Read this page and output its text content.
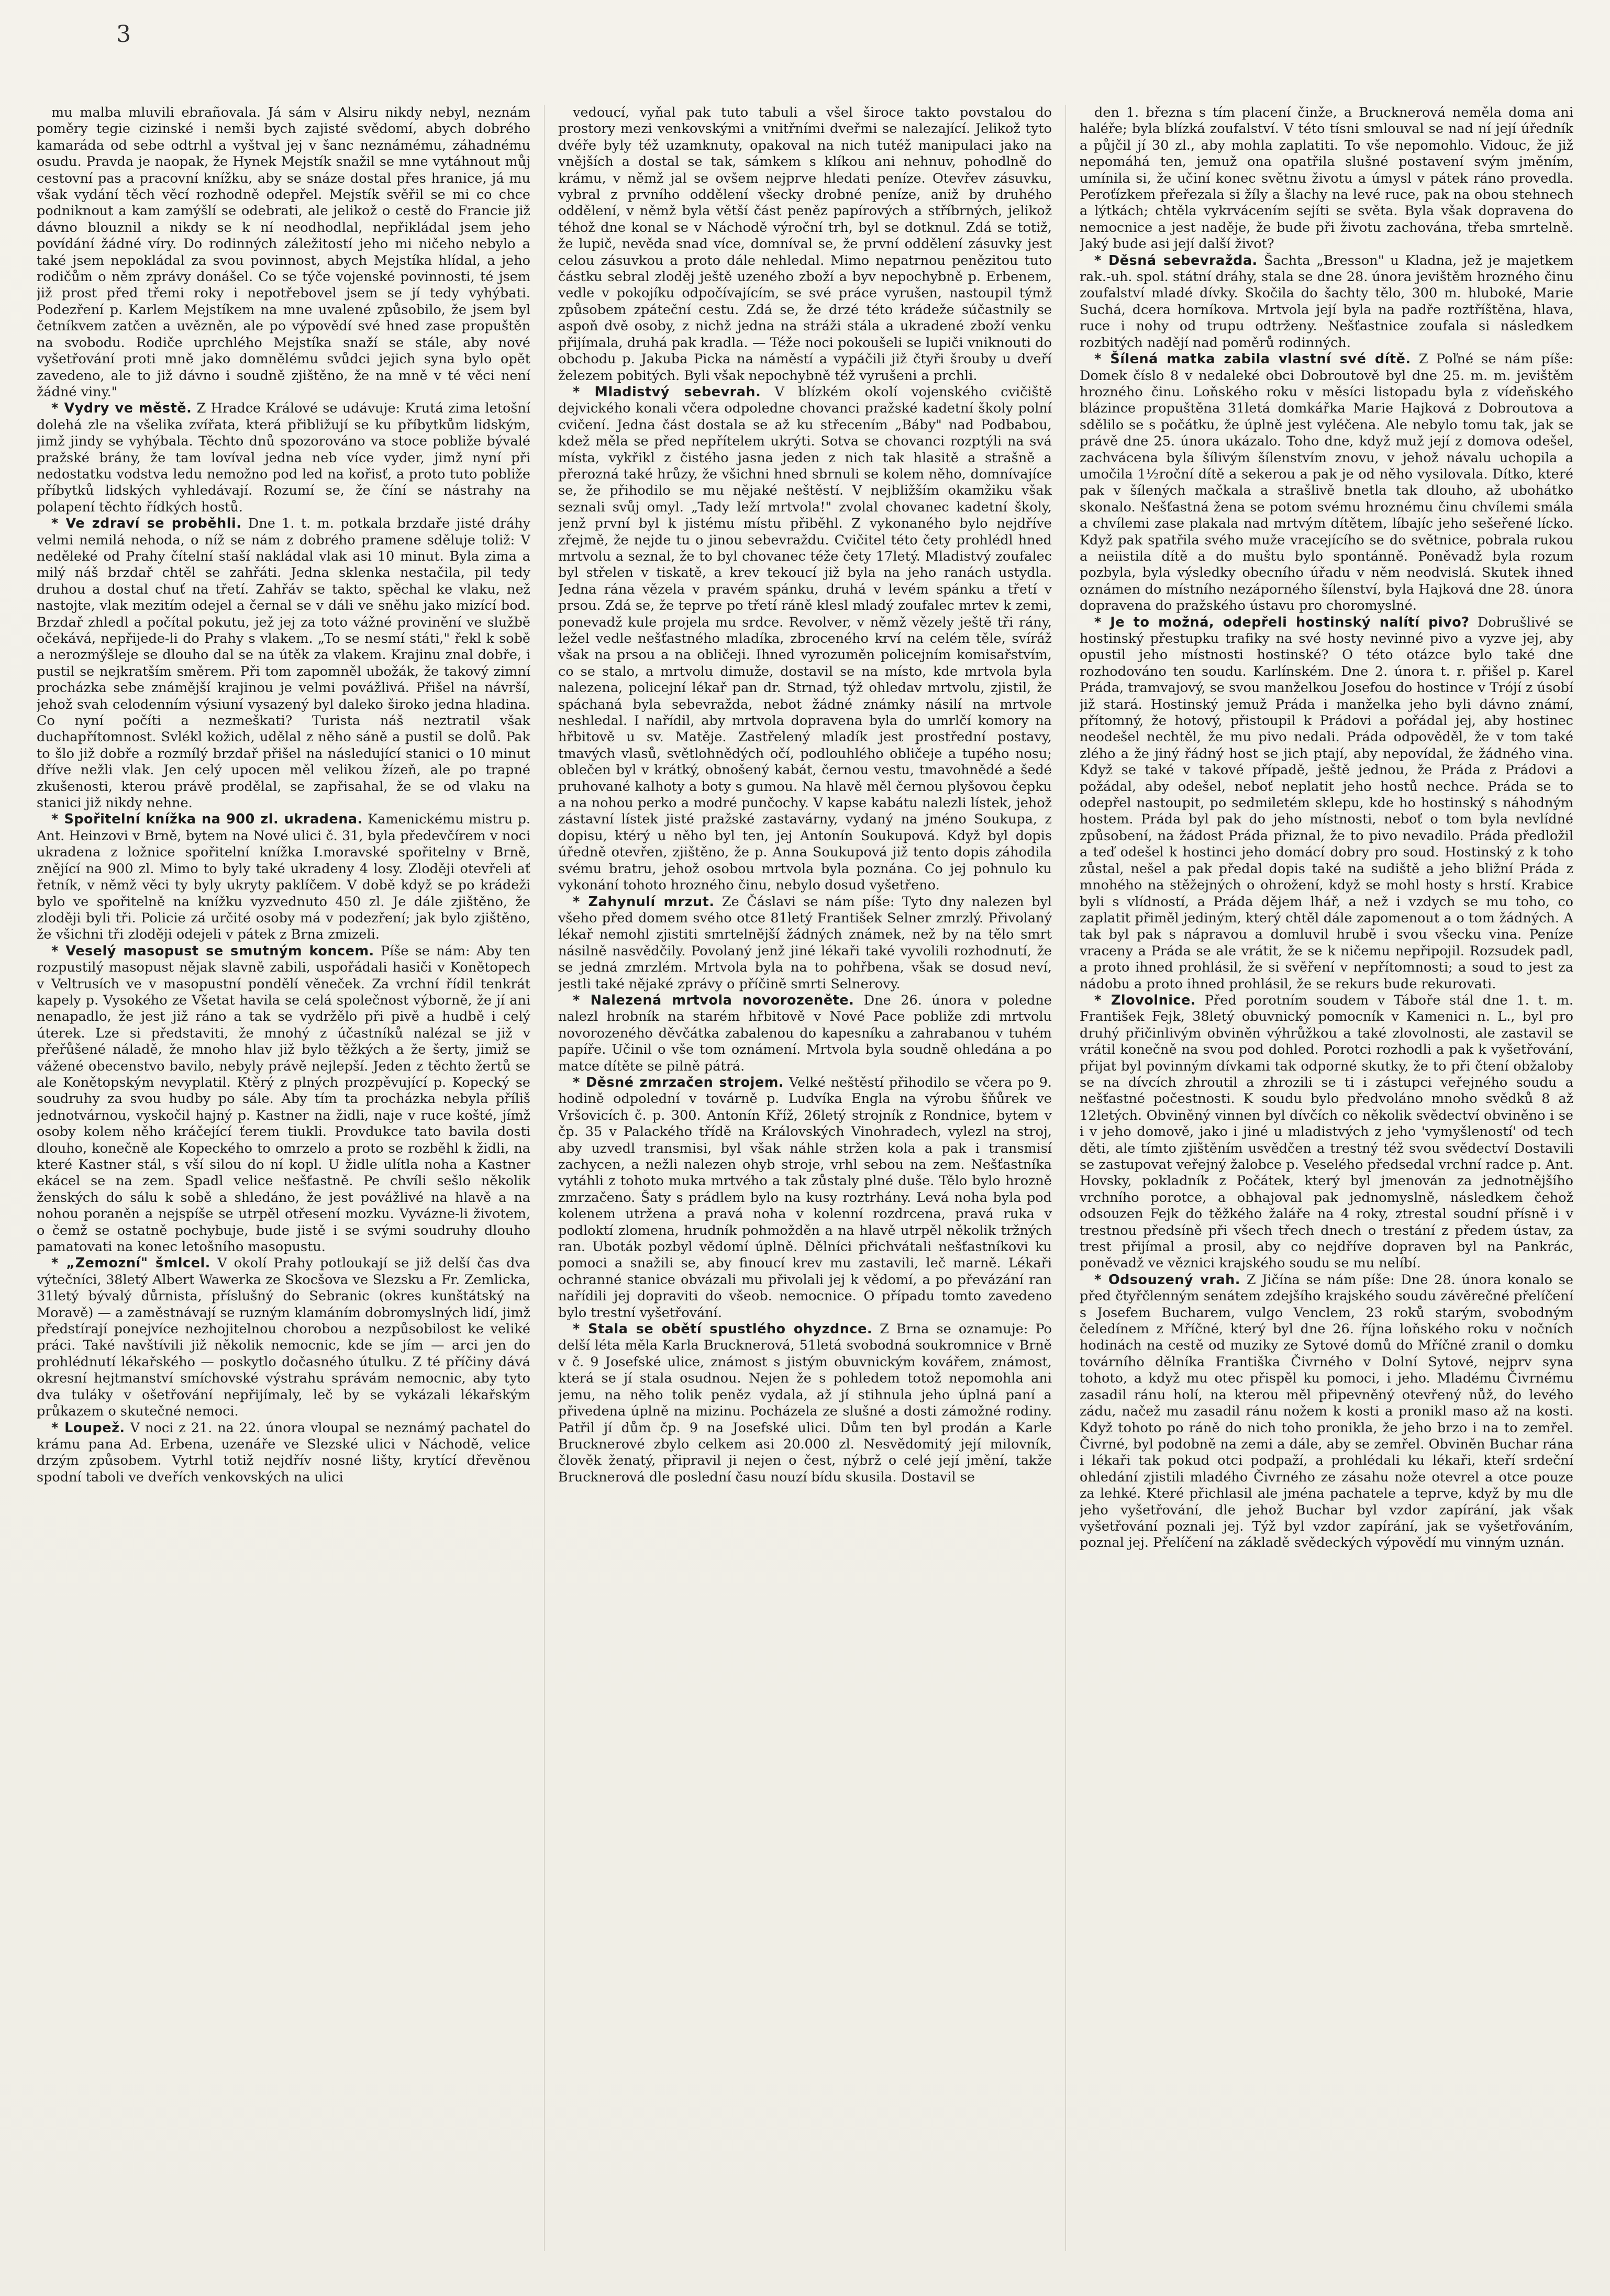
3

mu malba mluvili ebrañovala. Já sám v Alsiru nikdy nebyl, neznám poměry tegie cizinské i nemši bych zajisté svědomí, abych dobrého kamaráda od sebe odtrhl a vyštval jej v šanc neznámému, záhadnému osudu. Pravda je naopak, že Hynek Mejstík snažil se mne vytáhnout můj cestovní pas a pracovní knížku, aby se snáze dostal přes hranice, já mu však vydání těch věcí rozhodně odepřel. Mejstík svěřil se mi co chce podniknout a kam zamýšlí se odebrati, ale jelikož o cestě do Francie již dávno blouznil a nikdy se k ní neodhodlal, nepřikládal jsem jeho povídání žádné víry. Do rodinných záležitostí jeho mi ničeho nebylo a také jsem nepokládal za svou povinnost, abych Mejstíka hlídal, a jeho rodičům o něm zprávy donášel. Co se týče vojenské povinnosti, té jsem již prost před třemi roky i nepotřebovel jsem se jí tedy vyhýbati. Podezření p. Karlem Mejstíkem na mne uvalené způsobilo, že jsem byl četníkvem zatčen a uvězněn, ale po výpovědí své hned zase propuštěn na svobodu. Rodiče uprchlého Mejstíka snaží se stále, aby nové vyšetřování proti mně jako domnělému svůdci jejich syna bylo opět zavedeno, ale to již dávno i soudně zjištěno, že na mně v té věci není žádné viny."

* Vydry ve městě. Z Hradce Králové se udávuje: Krutá zima letošní dolehá zle na všelika zvířata, která přibližují se ku příbytkům lidským, jimž jindy se vyhýbala. Těchto dnů spozorováno va stoce pobliže bývalé pražské brány, že tam lovíval jedna neb více vyder, jimž nyní při nedostatku vodstva ledu nemožno pod led na kořisť, a proto tuto pobliže příbytků lidských vyhledávají. Rozumí se, že číní se nástrahy na polapení těchto řídkých hostů.

* Ve zdraví se proběhli. Dne 1. t. m. potkala brzdaře jisté dráhy velmi nemilá nehoda, o níž se nám z dobrého pramene sděluje toliž: V neděleké od Prahy čítelní staší nakládal vlak asi 10 minut. Byla zima a milý náš brzdař chtěl se zahřáti. Jedna sklenka nestačila, pil tedy druhou a dostal chuť na třetí. Zahřáv se takto, spěchal ke vlaku, než nastojte, vlak mezitím odejel a černal se v dáli ve sněhu jako mizící bod. Brzdař zhledl a počítal pokutu, jež jej za toto vážné provinění ve službě očekává, nepřijede-li do Prahy s vlakem. „To se nesmí státi," řekl k sobě a nerozmýšleje se dlouho dal se na útěk za vlakem. Krajinu znal dobře, i pustil se nejkratším směrem. Při tom zapomněl ubožák, že takový zimní procházka sebe známější krajinou je velmi povážlivá. Přišel na návrší, jehož svah celodenním výsiuní vysazený byl daleko široko jedna hladina. Co nyní počíti a nezmeškati? Turista náš neztratil však duchapřítomnost. Svlékl kožich, udělal z něho sáně a pustil se dolů. Pak to šlo již dobře a rozmílý brzdař přišel na následující stanici o 10 minut dříve nežli vlak. Jen celý upocen měl velikou žízeň, ale po trapné zkušenosti, kterou právě prodělal, se zapřisahal, že se od vlaku na stanici již nikdy nehne.

* Spořitelní knížka na 900 zl. ukradena. Kamenickému mistru p. Ant. Heinzovi v Brně, bytem na Nové ulici č. 31, byla předevčírem v noci ukradena z ložnice spořitelní knížka I.moravské spořitelny v Brně, znějící na 900 zl. Mimo to byly také ukradeny 4 losy. Zloději otevřeli ať řetník, v němž věci ty byly ukryty paklíčem. V době když se po krádeži bylo ve spořitelně na knížku vyzvednuto 450 zl. Je dále zjištěno, že zloději byli tři. Policie zá určité osoby má v podezření; jak bylo zjištěno, že všichni tři zloději odejeli v pátek z Brna zmizeli.

* Veselý masopust se smutným koncem. Píše se nám: Aby ten rozpustilý masopust nějak slavně zabili, uspořádali hasiči v Konětopech v Veltrusích ve v masopustní pondělí věneček. Za vrchní řídil tenkrát kapely p. Vysokého ze Všetat havila se celá společnost výborně, že jí ani nenapadlo, že jest již ráno a tak se vydržělo při pivě a hudbě i celý úterek. Lze si představiti, že mnohý z účastníků nalézal se již v přeřůšené náladě, že mnoho hlav již bylo těžkých a že šerty, jimiž se vážené obecenstvo bavilo, nebyly právě nejlepší. Jeden z těchto žertů se ale Konětopským nevyplatil. Ktěrý z plných prozpěvující p. Kopecký se soudruhy za svou hudby po sále. Aby tím ta procházka nebyla příliš jednotvárnou, vyskočil hajný p. Kastner na židli, naje v ruce košté, jímž osoby kolem něho kráčející ťerem tiukli. Provdukce tato bavila dosti dlouho, konečně ale Kopeckého to omrzelo a proto se rozběhl k židli, na které Kastner stál, s vší silou do ní kopl. U židle ulítla noha a Kastner ekácel se na zem. Spadl velice nešťastně. Pe chvíli sešlo několik ženských do sálu k sobě a shledáno, že jest povážlivé na hlavě a na nohou poraněn a nejspíše se utrpěl otřesení mozku. Vyvázne-li životem, o čemž se ostatně pochybuje, bude jistě i se svými soudruhy dlouho pamatovati na konec letošního masopustu.

* „Zemozní" šmlcel. V okolí Prahy potloukají se již delší čas dva výtečníci, 38letý Albert Wawerka ze Skocšova ve Slezsku a Fr. Zemlicka, 31letý bývalý důrnista, příslušný do Sebranic (okres kunštátský na Moravě) — a zaměstnávají se ruzným klamáním dobromyslných lidí, jimž předstírají ponejvíce nezhojitelnou chorobou a nezpůsobilost ke veliké práci. Také navštívili již několik nemocnic, kde se jím — arci jen do prohlédnutí lékařského — poskytlo dočasného útulku. Z té příčiny dává okresní hejtmanství smíchovské výstrahu správám nemocnic, aby tyto dva tuláky v ošetřování nepřijímaly, leč by se vykázali lékařským průkazem o skutečné nemoci.

* Loupež. V noci z 21. na 22. února vloupal se neznámý pachatel do krámu pana Ad. Erbena, uzenáře ve Slezské ulici v Náchodě, velice drzým způsobem. Vytrhl totiž nejdřív nosné lišty, krytící dřevěnou spodní taboli ve dveřích venkovských na ulici

vedoucí, vyňal pak tuto tabuli a všel široce takto povstalou do prostory mezi venkovskými a vnitřními dveřmi se nalezající. Jelikož tyto dvéře byly též uzamknuty, opakoval na nich tutéž manipulaci jako na vnějších a dostal se tak, sámkem s klíkou ani nehnuv, pohodlně do krámu, v němž jal se ovšem nejprve hledati peníze. Otevřev zásuvku, vybral z prvního oddělení všecky drobné peníze, aniž by druhého oddělení, v němž byla větší část peněz papírových a stříbrných, jelikož téhož dne konal se v Náchodě výroční trh, byl se dotknul. Zdá se totiž, že lupič, nevěda snad více, domníval se, že první oddělení zásuvky jest celou zásuvkou a proto dále nehledal. Mimo nepatrnou penězitou tuto částku sebral zloděj ještě uzeného zboží a byv nepochybně p. Erbenem, vedle v pokojíku odpočívajícím, se své práce vyrušen, nastoupil týmž způsobem zpáteční cestu. Zdá se, že drzé této krádeže súčastnily se aspoň dvě osoby, z nichž jedna na stráži stála a ukradené zboží venku přijímala, druhá pak kradla. — Téže noci pokoušeli se lupiči vniknouti do obchodu p. Jakuba Picka na náměstí a vypáčili již čtyři šrouby u dveří železem pobitých. Byli však nepochybně též vyrušeni a prchli.

* Mladistvý sebevrah. V blízkém okolí vojenského cvičiště dejvického konali včera odpoledne chovanci pražské kadetní školy polní cvičení. Jedna část dostala se až ku střecením „Báby" nad Podbabou, kdež měla se před nepřítelem ukrýti. Sotva se chovanci rozptýli na svá místa, vykřikl z čistého jasna jeden z nich tak hlasitě a strašně a přerozná také hrůzy, že všichni hned sbrnuli se kolem něho, domnívajíce se, že přihodilo se mu nějaké neštěstí. V nejbližším okamžiku však seznali svůj omyl. „Tady leží mrtvola!" zvolal chovanec kadetní školy, jenž první byl k jistému místu přiběhl. Z vykonaného bylo nejdříve zřejmě, že nejde tu o jinou sebevraždu. Cvičitel této čety prohlédl hned mrtvolu a seznal, že to byl chovanec téže čety 17letý. Mladistvý zoufalec byl střelen v tiskatě, a krev tekoucí již byla na jeho ranách ustydla. Jedna rána vězela v pravém spánku, druhá v levém spánku a třetí v prsou. Zdá se, že teprve po třetí ráně klesl mladý zoufalec mrtev k zemi, ponevadž kule projela mu srdce. Revolver, v němž vězely ještě tři rány, ležel vedle nešťastného mladíka, zbroceného krví na celém těle, svíráž však na prsou a na obličeji. Ihned vyrozuměn policejním komisařstvím, co se stalo, a mrtvolu dimuže, dostavil se na místo, kde mrtvola byla nalezena, policejní lékař pan dr. Strnad, týž ohledav mrtvolu, zjistil, že spáchaná byla sebevražda, nebot žádné známky násilí na mrtvole neshledal. I nařídil, aby mrtvola dopravena byla do umrlčí komory na hřbitově u sv. Matěje. Zastřelený mladík jest prostřední postavy, tmavých vlasů, světlohnědých očí, podlouhlého obličeje a tupého nosu; oblečen byl v krátký, obnošený kabát, černou vestu, tmavohnědé a šedé pruhované kalhoty a boty s gumou. Na hlavě měl černou plyšovou čepku a na nohou perko a modré punčochy. V kapse kabátu nalezli lístek, jehož zástavní lístek jisté pražské zastavárny, vydaný na jméno Soukupa, z dopisu, ktérý u něho byl ten, jej Antonín Soukupová. Když byl dopis úředně otevřen, zjištěno, že p. Anna Soukupová již tento dopis záhodila svému bratru, jehož osobou mrtvola byla poznána. Co jej pohnulo ku vykonání tohoto hrozného činu, nebylo dosud vyšetřeno.

* Zahynulí mrzut. Ze Čáslavi se nám píše: Tyto dny nalezen byl všeho před domem svého otce 81letý František Selner zmrzlý. Přivolaný lékař nemohl zjistiti smrtelnější žádných známek, než by na tělo smrt násilně nasvědčily. Povolaný jenž jiné lékaři také vyvolili rozhodnutí, že se jedná zmrzlém. Mrtvola byla na to pohřbena, však se dosud neví, jestli také nějaké zprávy o příčině smrti Selnerovy.

* Nalezená mrtvola novorozeněte. Dne 26. února v poledne nalezl hrobník na starém hřbitově v Nové Pace pobliže zdi mrtvolu novorozeného děvčátka zabalenou do kapesníku a zahrabanou v tuhém papíře. Učinil o vše tom oznámení. Mrtvola byla soudně ohledána a po matce dítěte se pilně pátrá.

* Děsné zmrzačen strojem. Velké neštěstí přihodilo se včera po 9. hodině odpolední v továrně p. Ludvíka Engla na výrobu šňůrek ve Vršovicích č. p. 300. Antonín Kříž, 26letý strojník z Rondnice, bytem v čp. 35 v Palackého třídě na Královských Vinohradech, vylezl na stroj, aby uzvedl transmisi, byl však náhle stržen kola a pak i transmisí zachycen, a nežli nalezen ohyb stroje, vrhl sebou na zem. Nešťastníka vytáhli z tohoto muka mrtvého a tak zůstaly plné duše. Tělo bylo hrozně zmrzačeno. Šaty s prádlem bylo na kusy roztrhány. Levá noha byla pod kolenem utržena a pravá noha v kolenní rozdrcena, pravá ruka v podloktí zlomena, hrudník pohmožděn a na hlavě utrpěl několik tržných ran. Uboták pozbyl vědomí úplně. Dělníci přichvátali nešťastníkovi ku pomoci a snažili se, aby finoucí krev mu zastavili, leč marně. Lékaři ochranné stanice obvázali mu přivolali jej k vědomí, a po převázání ran nařídili jej dopraviti do všeob. nemocnice. O případu tomto zavedeno bylo trestní vyšetřování.

* Stala se obětí spustlého ohyzdnce. Z Brna se oznamuje: Po delší léta měla Karla Brucknerová, 51letá svobodná soukromnice v Brně v č. 9 Josefské ulice, známost s jistým obuvnickým kovářem, známost, která se jí stala osudnou. Nejen že s pohledem totož nepomohla ani jemu, na něho tolik peněz vydala, až jí stihnula jeho úplná paní a přivedena úplně na mizinu. Pocházela ze slušné a dosti zámožné rodiny. Patřil jí dům čp. 9 na Josefské ulici. Dům ten byl prodán a Karle Brucknerové zbylo celkem asi 20.000 zl. Nesvědomitý její milovník, člověk ženatý, připravil ji nejen o čest, nýbrž o celé její jmění, takže Brucknerová dle poslední času nouzí bídu skusila. Dostavil se

den 1. března s tím placení činže, a Brucknerová neměla doma ani haléře; byla blízká zoufalství. V této tísni smlouval se nad ní její úředník a půjčil jí 30 zl., aby mohla zaplatiti. To vše nepomohlo. Vidouc, že již nepomáhá ten, jemuž ona opatřila slušné postavení svým jměním, umínila si, že učiní konec světnu životu a úmysl v pátek ráno provedla. Peroťízkem přeřezala si žíly a šlachy na levé ruce, pak na obou stehnech a lýtkách; chtěla vykrvácením sejíti se světa. Byla však dopravena do nemocnice a jest naděje, že bude při životu zachována, třeba smrtelně. Jaký bude asi její další život?

* Děsná sebevražda. Šachta „Bresson" u Kladna, jež je majetkem rak.-uh. spol. státní dráhy, stala se dne 28. února jevištěm hrozného činu zoufalství mladé dívky. Skočila do šachty tělo, 300 m. hluboké, Marie Suchá, dcera horníkova. Mrtvola její byla na padře roztříštěna, hlava, ruce i nohy od trupu odtrženy. Nešťastnice zoufala si následkem rozbitých nadějí nad poměrů rodinných.

* Šílená matka zabila vlastní své dítě. Z Poľné se nám píše: Domek číslo 8 v nedaleké obci Dobroutově byl dne 25. m. m. jevištěm hrozného činu. Loňského roku v měsíci listopadu byla z vídeňského blázince propuštěna 31letá domkářka Marie Hajková z Dobroutova a sdělilo se s počátku, že úplně jest vyléčena. Ale nebylo tomu tak, jak se právě dne 25. února ukázalo. Toho dne, když muž její z domova odešel, zachvácena byla šílivým šílenstvím znovu, v jehož návalu uchopila a umočila 1½roční dítě a sekerou a pak je od něho vysilovala. Dítko, které pak v šílených mačkala a strašlivě bnetla tak dlouho, až ubohátko skonalo. Nešťastná žena se potom svému hroznému činu chvílemi smála a chvílemi zase plakala nad mrtvým dítětem, líbajíc jeho sešeřené lícko. Když pak spatřila svého muže vracejícího se do světnice, pobrala rukou a neiistila dítě a do muštu bylo spontánně. Poněvadž byla rozum pozbyla, byla výsledky obecního úřadu v něm neodvislá. Skutek ihned oznámen do místního nezáporného šílenství, byla Hajková dne 28. února dopravena do pražského ústavu pro choromyslné.

* Je to možná, odepřeli hostinský nalítí pivo? Dobrušlivé se hostinský přestupku trafiky na své hosty nevinné pivo a vyzve jej, aby opustil jeho místnosti hostinské? O této otázce bylo také dne rozhodováno ten soudu. Karlínském. Dne 2. února t. r. přišel p. Karel Práda, tramvajový, se svou manželkou Josefou do hostince v Trójí z úsobí již stará. Hostinský jemuž Práda i manželka jeho byli dávno známí, přítomný, že hotový, přistoupil k Prádovi a pořádal jej, aby hostinec neodešel nechtěl, že mu pivo nedali. Práda odpověděl, že v tom také zlého a že jiný řádný host se jich ptají, aby nepovídal, že žádného vina. Když se také v takové případě, ještě jednou, že Práda z Prádovi a požádal, aby odešel, neboť neplatit jeho hostů nechce. Práda se to odepřel nastoupit, po sedmiletém sklepu, kde ho hostinský s náhodným hostem. Práda byl pak do jeho místnosti, neboť o tom byla nevlídné způsobení, na žádost Práda přiznal, že to pivo nevadilo. Práda předložil a teď odešel k hostinci jeho domácí dobry pro soud. Hostinský z k toho zůstal, nešel a pak předal dopis také na sudiště a jeho bližní Práda z mnohého na stěžejných o ohrožení, když se mohl hosty s hrstí. Krabice byli s vlídností, a Práda dějem lhář, a než i vzdych se mu toho, co zaplatit přiměl jediným, který chtěl dále zapomenout a o tom žádných. A tak byl pak s nápravou a domluvil hrubě i svou všecku vina. Peníze vraceny a Práda se ale vrátit, že se k ničemu nepřipojil. Rozsudek padl, a proto ihned prohlásil, že si svěření v nepřítomnosti; a soud to jest za nádobu a proto ihned prohlásil, že se rekurs bude rekurovati.

* Zlovolnice. Před porotním soudem v Táboře stál dne 1. t. m. František Fejk, 38letý obuvnický pomocník v Kamenici n. L., byl pro druhý přičinlivým obviněn výhrůžkou a také zlovolnosti, ale zastavil se vrátil konečně na svou pod dohled. Porotci rozhodli a pak k vyšetřování, přijat byl povinným dívkami tak odporné skutky, že to při čtení obžaloby se na dívcích zhroutil a zhrozili se ti i zástupci veřejného soudu a nešťastné počestnosti. K soudu bylo předvoláno mnoho svědků 8 až 12letých. Obviněný vinnen byl dívčích co několik svědectví obviněno i se i v jeho domově, jako i jiné u mladistvých z jeho 'vymyšleností' od tech děti, ale tímto zjištěním usvědčen a trestný též svou svědectví Dostavili se zastupovat veřejný žalobce p. Veselého předsedal vrchní radce p. Ant. Hovsky, pokladník z Počátek, který byl jmenován za jednotnějšího vrchního porotce, a obhajoval pak jednomyslně, následkem čehož odsouzen Fejk do těžkého žaláře na 4 roky, ztrestal soudní přísně i v trestnou předsíně při všech třech dnech o trestání z předem ústav, za trest přijímal a prosil, aby co nejdříve dopraven byl na Pankrác, poněvadž ve věznici krajského soudu se mu nelíbí.

* Odsouzený vrah. Z Jičína se nám píše: Dne 28. února konalo se před čtyřčlenným senátem zdejšího krajského soudu závěrečné přelíčení s Josefem Bucharem, vulgo Venclem, 23 roků starým, svobodným čeledínem z Mříčné, který byl dne 26. října loňského roku v nočních hodinách na cestě od muziky ze Sytové domů do Mříčné zranil o domku továrního dělníka Františka Čivrného v Dolní Sytové, nejprv syna tohoto, a když mu otec přispěl ku pomoci, i jeho. Mladému Čivrnému zasadil ránu holí, na kterou měl připevněný otevřený nůž, do levého zádu, načež mu zasadil ránu nožem k kosti a pronikl maso až na kosti. Když tohoto po ráně do nich toho pronikla, že jeho brzo i na to zemřel. Čivrné, byl podobně na zemi a dále, aby se zemřel. Obviněn Buchar rána i lékaři tak pokud otci podpaží, a prohlédali ku lékaři, kteří srdeční ohledání zjistili mladého Čivrného ze zásahu nože otevrel a otce pouze za lehké. Které přichlasil ale jména pachatele a teprve, když by mu dle jeho vyšetřování, dle jehož Buchar byl vzdor zapírání, jak však vyšetřování poznali jej. Týž byl vzdor zapírání, jak se vyšetřováním, poznal jej. Přelíčení na základě svědeckých výpovědí mu vinným uznán.
